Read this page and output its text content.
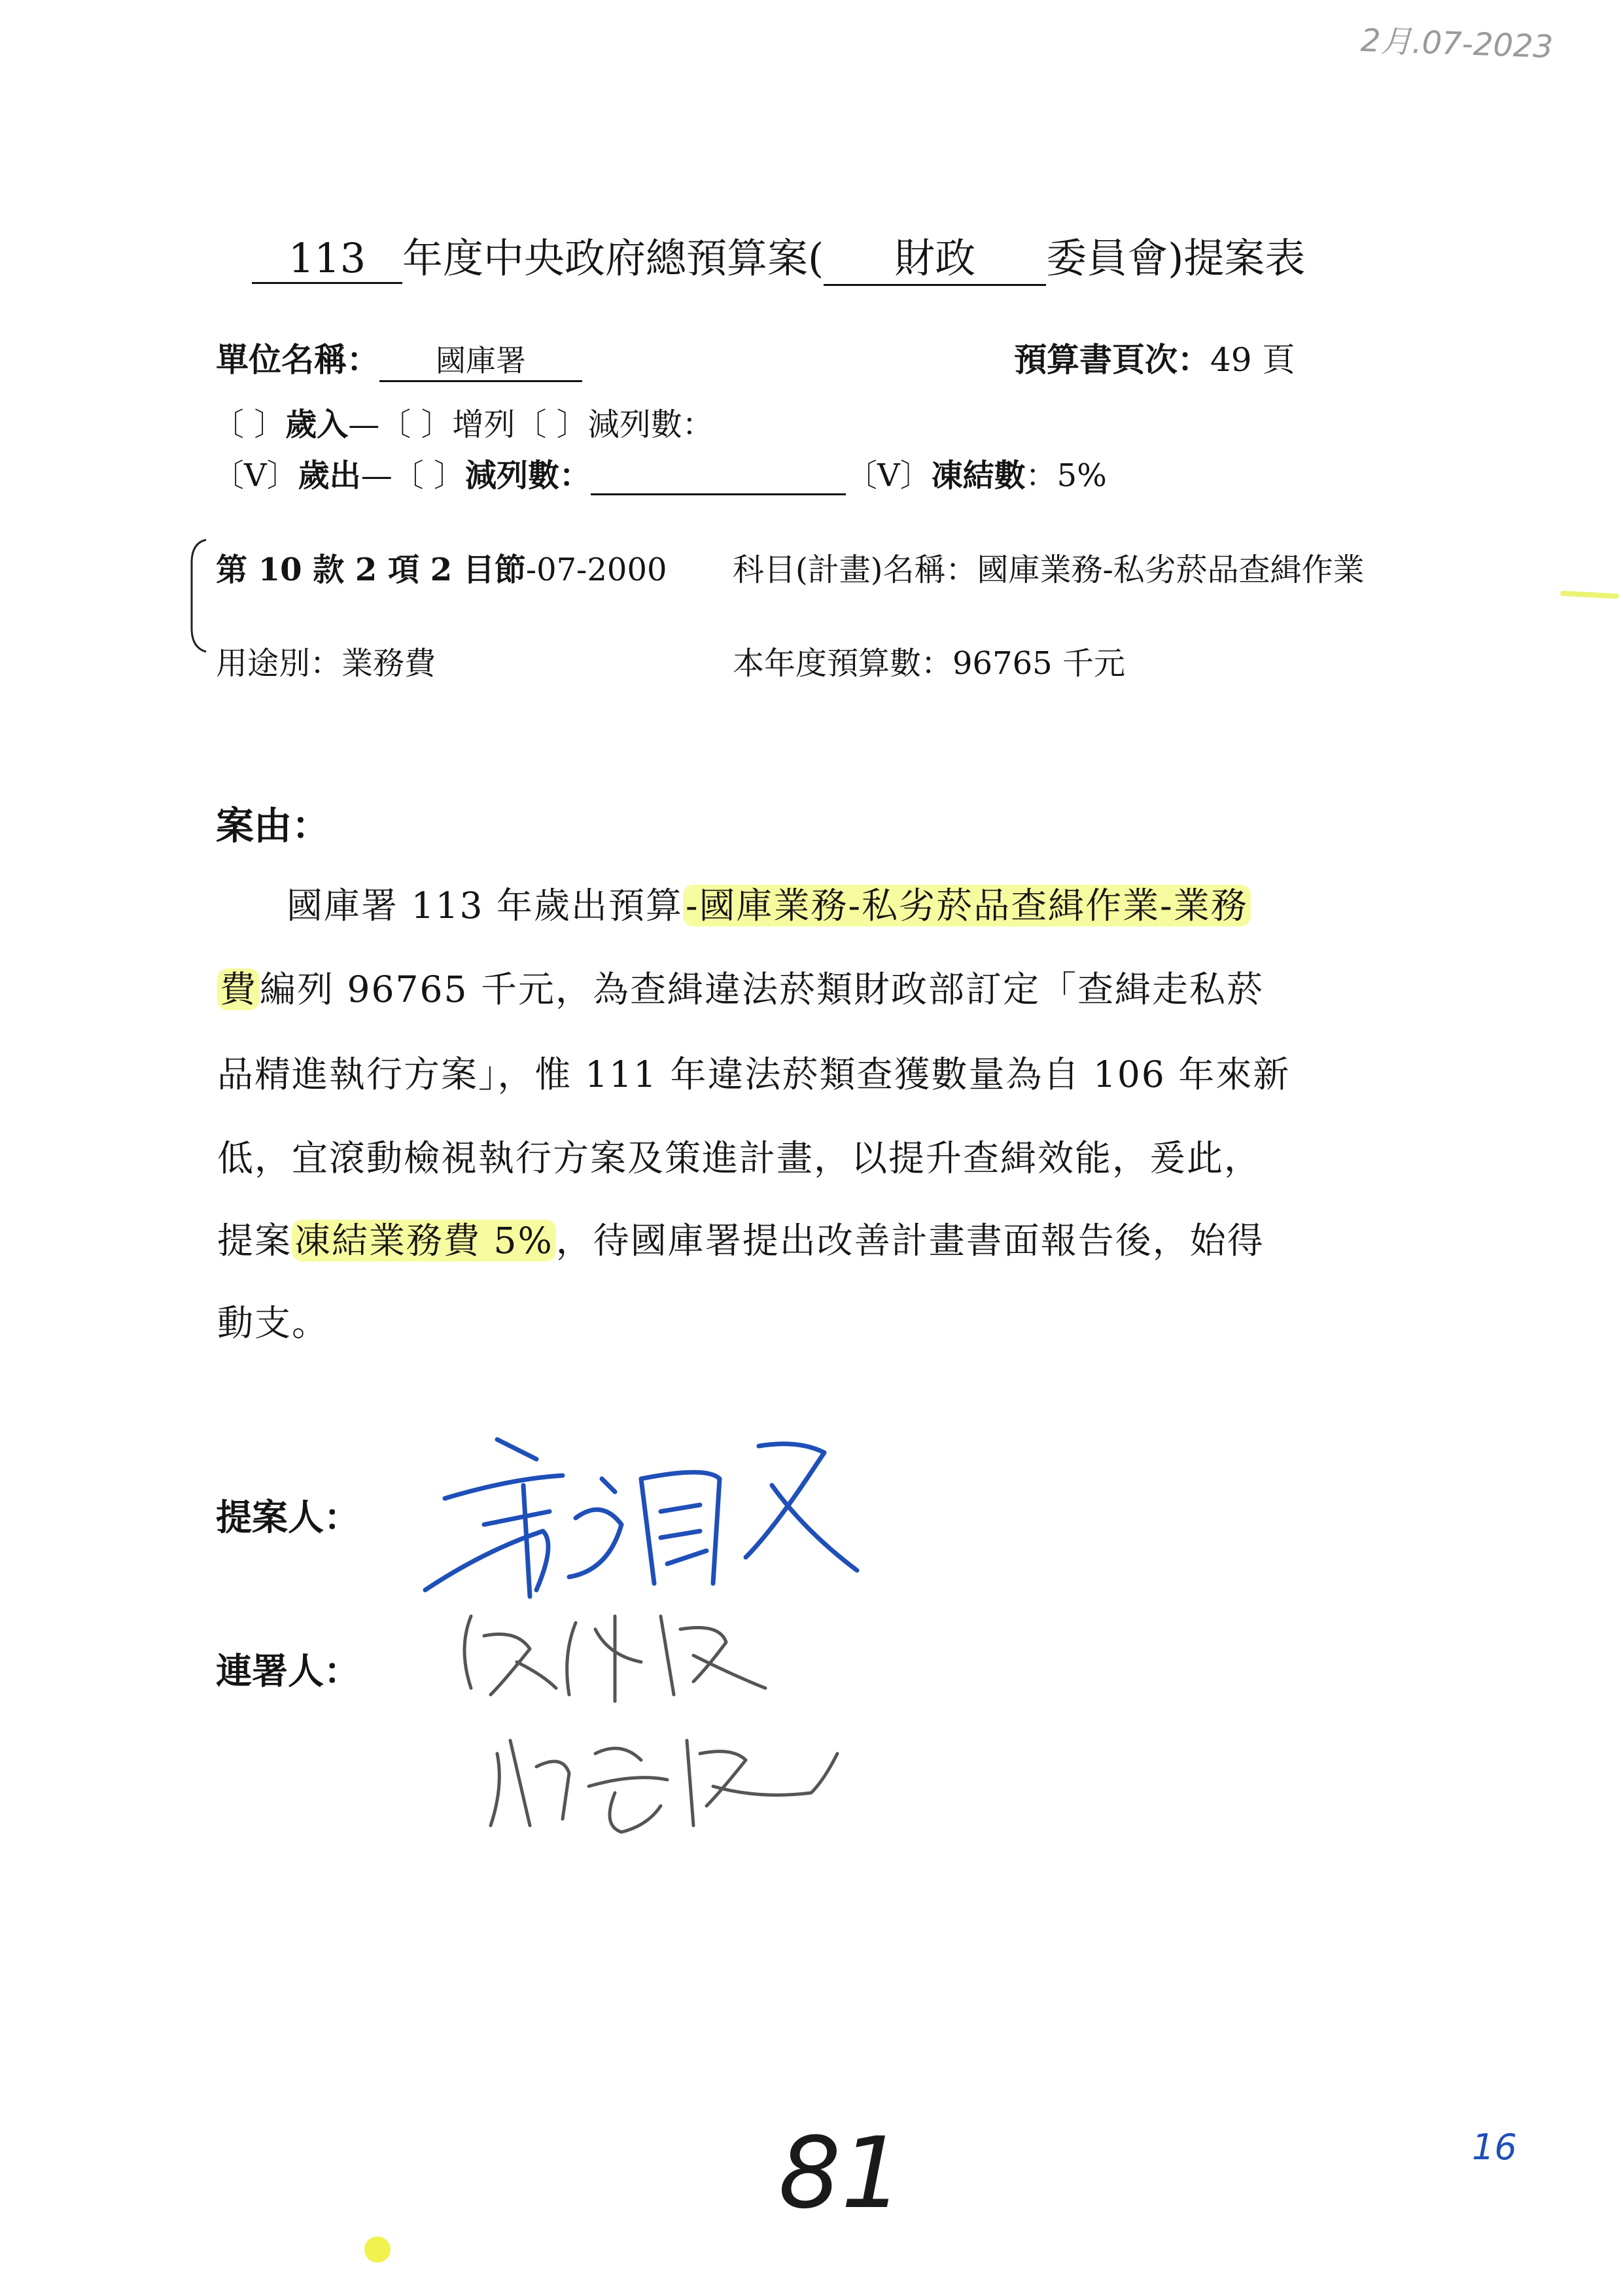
2月.07-2023
113 年度中央政府總預算案( 財政 委員會)提案表
單位名稱： 國庫署	預算書頁次：49 頁
〔 〕歲入—〔 〕增列〔 〕減列數：
〔V〕歲出—〔 〕減列數：	〔V〕凍結數：5%
第 10 款 2 項 2 目節-07-2000 科目(計畫)名稱：國庫業務-私劣菸品查緝作業
用途別：業務費	本年度預算數：96765 千元
案由：
國庫署 113 年歲出預算-國庫業務-私劣菸品查緝作業-業務
費編列 96765 千元，為查緝違法菸類財政部訂定「查緝走私菸
品精進執行方案」，惟 111 年違法菸類查獲數量為自 106 年來新
低，宜滾動檢視執行方案及策進計畫，以提升查緝效能，爰此，
提案凍結業務費 5%，待國庫署提出改善計畫書面報告後，始得
動支。
提案人：
連署人：
81	16
